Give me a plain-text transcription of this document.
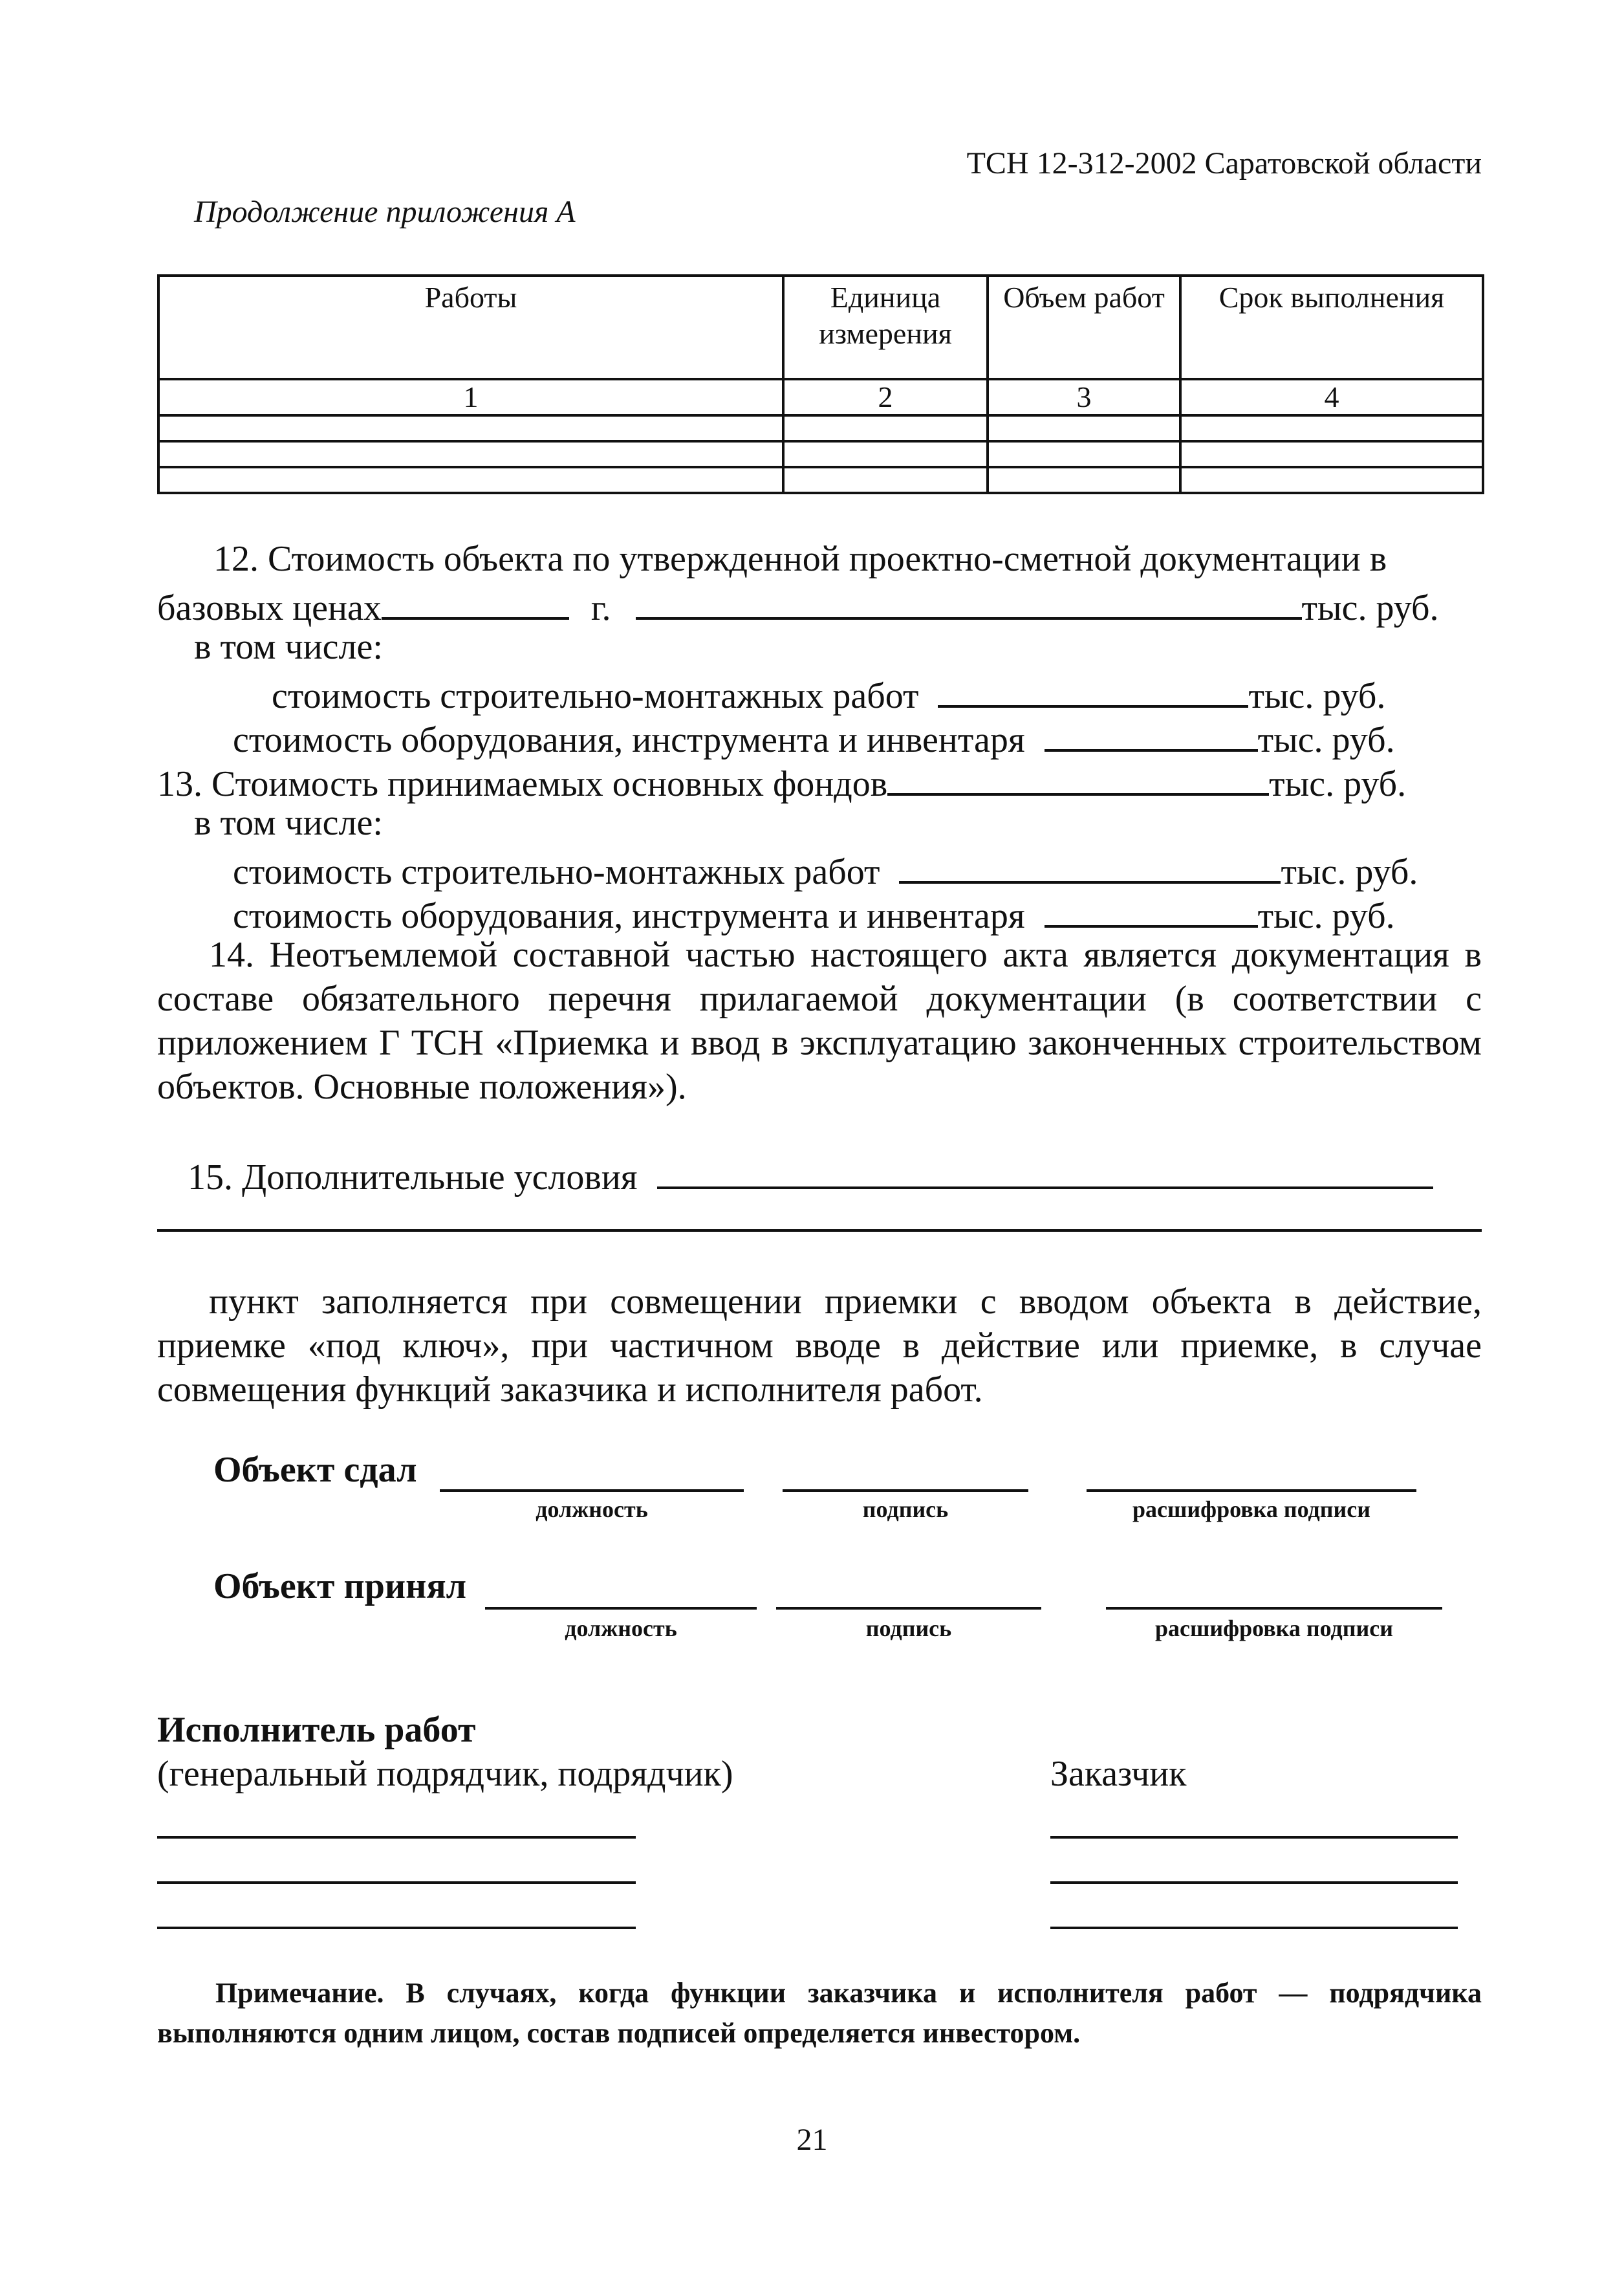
ТСН 12-312-2002 Саратовской области
Продолжение приложения А
Работы	Единица измерения	Объем работ	Срок выполнения
1	2	3	4

12. Стоимость объекта по утвержденной проектно-сметной документации в
базовых ценах	г.	тыс. руб.
в том числе:
стоимость строительно-монтажных работ	тыс. руб.
стоимость оборудования, инструмента и инвентаря	тыс. руб.
13. Стоимость принимаемых основных фондов	тыс. руб.
в том числе:
стоимость строительно-монтажных работ	тыс. руб.
стоимость оборудования, инструмента и инвентаря	тыс. руб.
14. Неотъемлемой составной частью настоящего акта является документация в составе обязательного перечня прилагаемой документации (в соответствии с приложением Г ТСН «Приемка и ввод в эксплуатацию законченных строительством объектов. Основные положения»).
15. Дополнительные условия
пункт заполняется при совмещении приемки с вводом объекта в действие, приемке «под ключ», при частичном вводе в действие или приемке, в случае совмещения функций заказчика и исполнителя работ.
Объект сдал
должность	подпись	расшифровка подписи
Объект принял
должность	подпись	расшифровка подписи
Исполнитель работ
(генеральный подрядчик, подрядчик)	Заказчик
Примечание. В случаях, когда функции заказчика и исполнителя работ — подрядчика выполняются одним лицом, состав подписей определяется инвестором.
21
